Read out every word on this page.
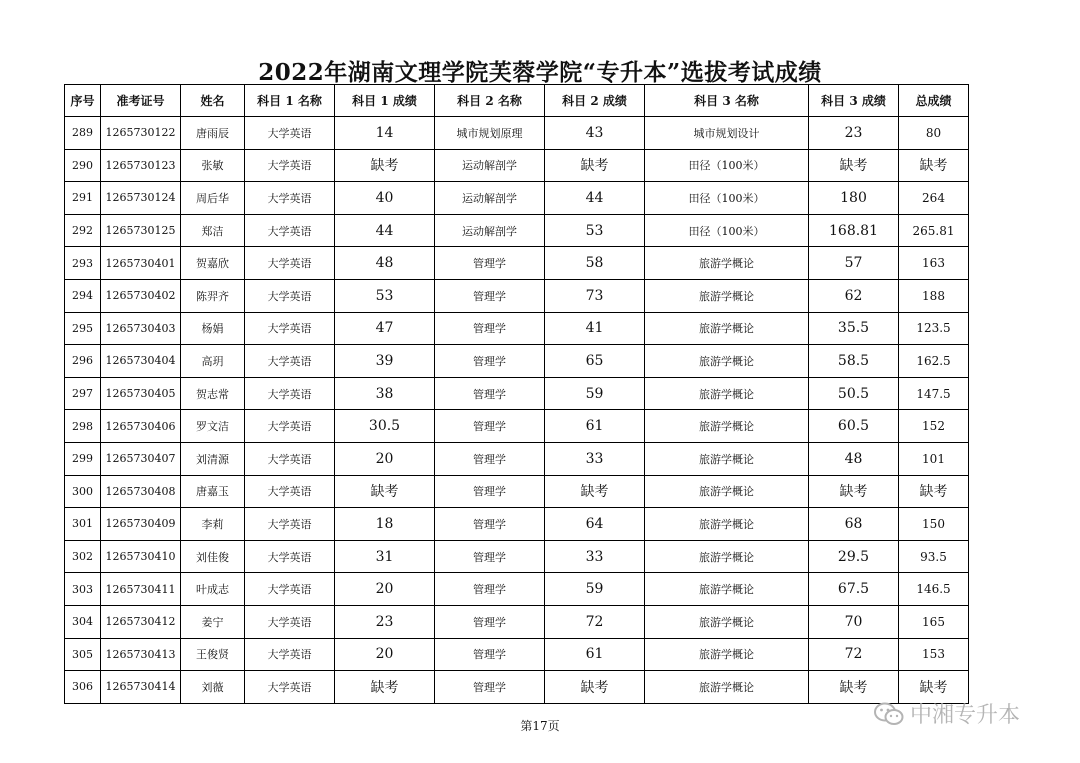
2022年湖南文理学院芙蓉学院“专升本”选拔考试成绩
序号	准考证号	姓名	科目 1 名称	科目 1 成绩	科目 2 名称	科目 2 成绩	科目 3 名称	科目 3 成绩	总成绩
289	1265730122	唐雨辰	大学英语	14	城市规划原理	43	城市规划设计	23	80
290	1265730123	张敏	大学英语	缺考	运动解剖学	缺考	田径（100米）	缺考	缺考
291	1265730124	周后华	大学英语	40	运动解剖学	44	田径（100米）	180	264
292	1265730125	郑洁	大学英语	44	运动解剖学	53	田径（100米）	168.81	265.81
293	1265730401	贺嘉欣	大学英语	48	管理学	58	旅游学概论	57	163
294	1265730402	陈羿齐	大学英语	53	管理学	73	旅游学概论	62	188
295	1265730403	杨娟	大学英语	47	管理学	41	旅游学概论	35.5	123.5
296	1265730404	高玥	大学英语	39	管理学	65	旅游学概论	58.5	162.5
297	1265730405	贺志常	大学英语	38	管理学	59	旅游学概论	50.5	147.5
298	1265730406	罗文洁	大学英语	30.5	管理学	61	旅游学概论	60.5	152
299	1265730407	刘清源	大学英语	20	管理学	33	旅游学概论	48	101
300	1265730408	唐嘉玉	大学英语	缺考	管理学	缺考	旅游学概论	缺考	缺考
301	1265730409	李莉	大学英语	18	管理学	64	旅游学概论	68	150
302	1265730410	刘佳俊	大学英语	31	管理学	33	旅游学概论	29.5	93.5
303	1265730411	叶成志	大学英语	20	管理学	59	旅游学概论	67.5	146.5
304	1265730412	姜宁	大学英语	23	管理学	72	旅游学概论	70	165
305	1265730413	王俊贤	大学英语	20	管理学	61	旅游学概论	72	153
306	1265730414	刘薇	大学英语	缺考	管理学	缺考	旅游学概论	缺考	缺考
第17页	中湘专升本
